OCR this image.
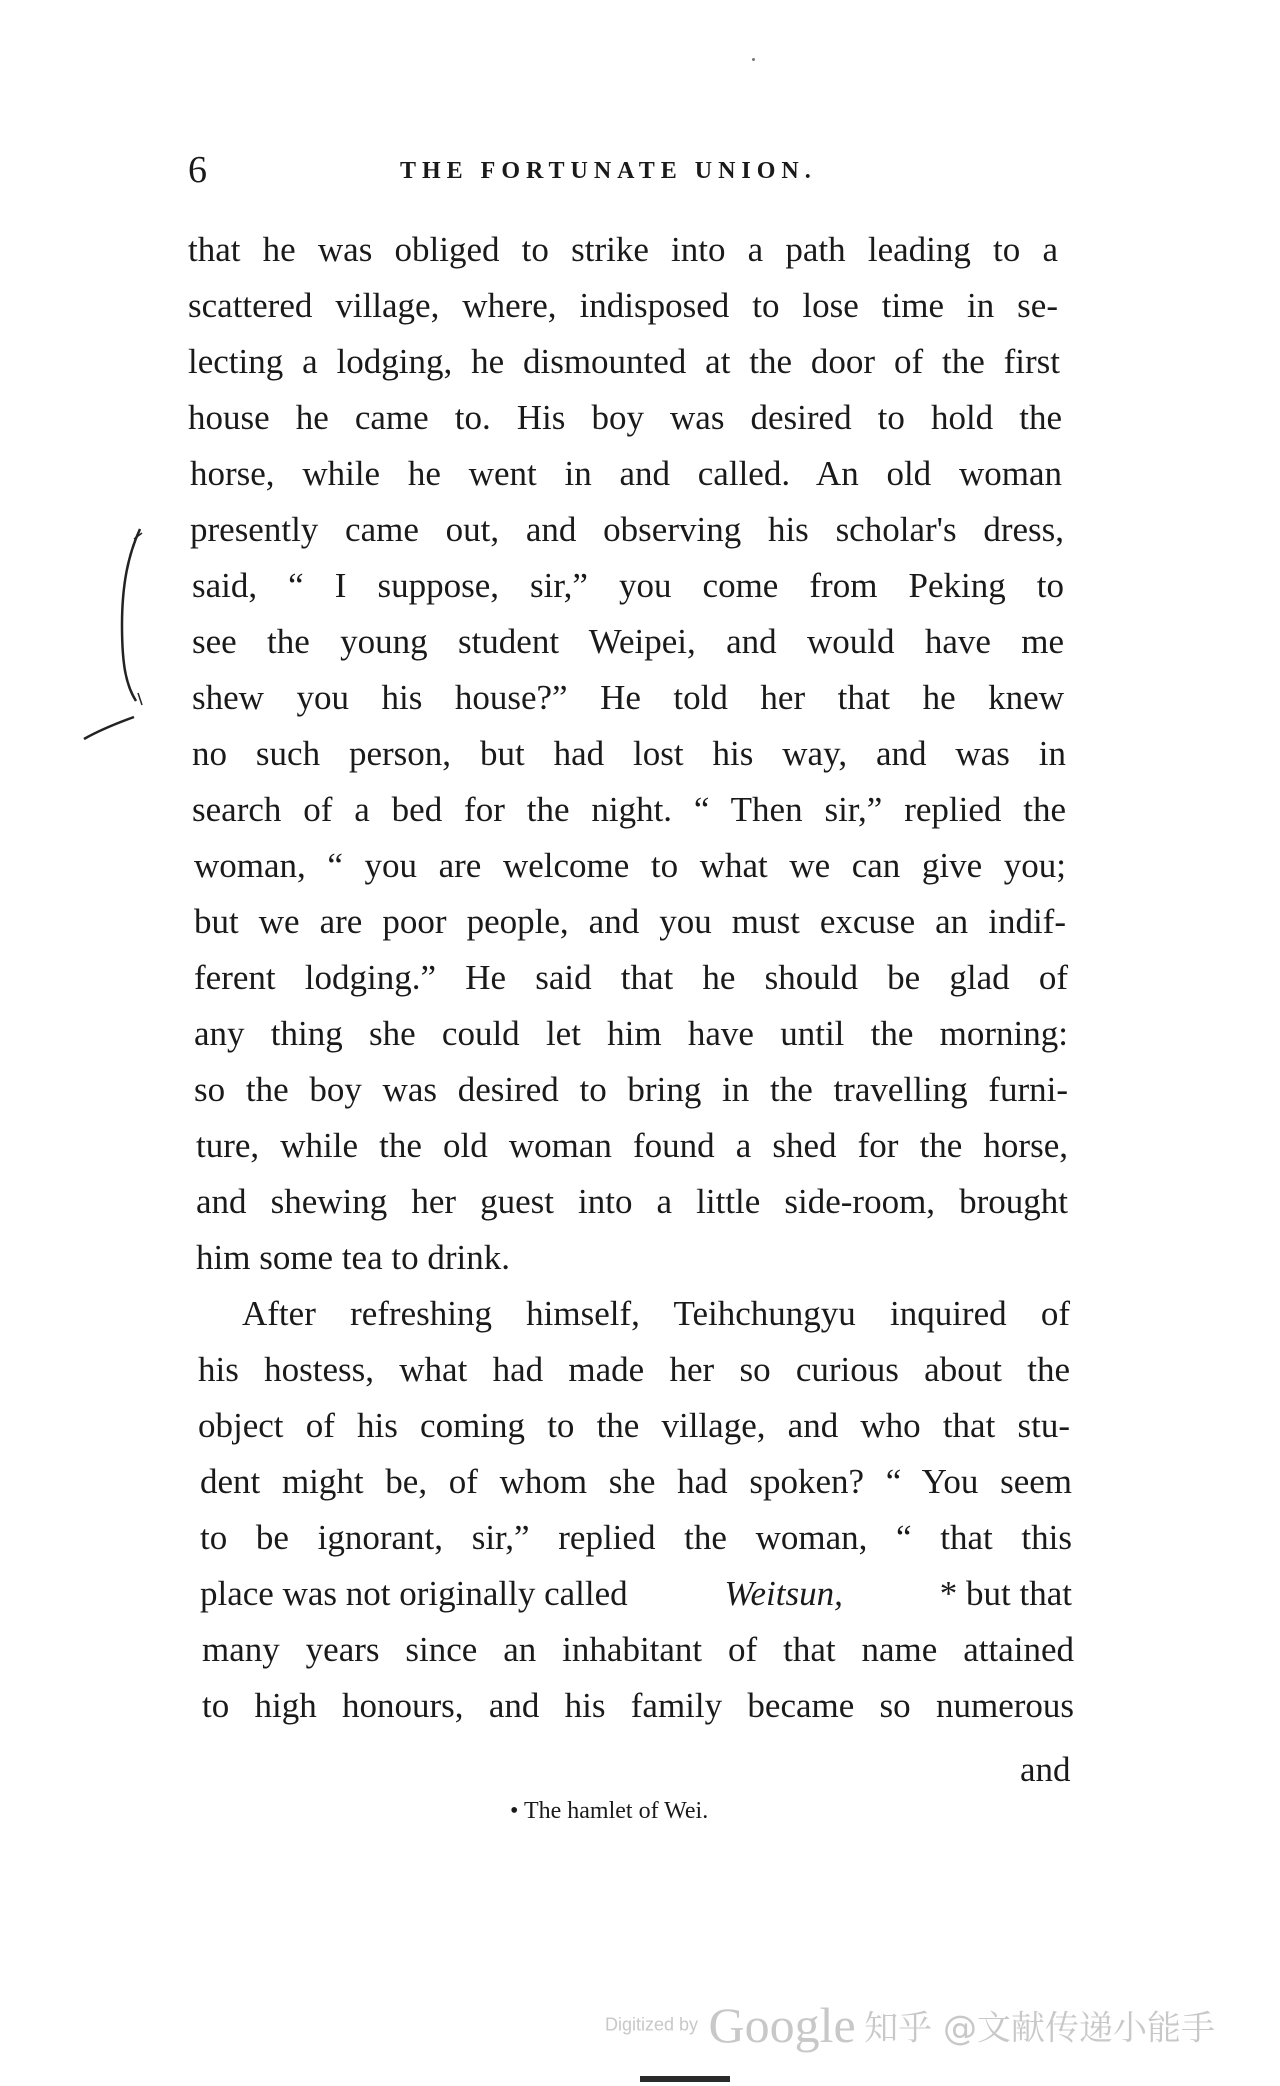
6	THE FORTUNATE UNION.
that he was obliged to strike into a path leading to a
scattered village, where, indisposed to lose time in se-
lecting a lodging, he dismounted at the door of the first
house he came to. His boy was desired to hold the
horse, while he went in and called. An old woman
presently came out, and observing his scholar's dress,
said, “ I suppose, sir,” you come from Peking to
see the young student Weipei, and would have me
shew you his house?” He told her that he knew
no such person, but had lost his way, and was in
search of a bed for the night. “ Then sir,” replied the
woman, “ you are welcome to what we can give you;
but we are poor people, and you must excuse an indif-
ferent lodging.” He said that he should be glad of
any thing she could let him have until the morning:
so the boy was desired to bring in the travelling furni-
ture, while the old woman found a shed for the horse,
and shewing her guest into a little side-room, brought
him some tea to drink.
After refreshing himself, Teihchungyu inquired of
his hostess, what had made her so curious about the
object of his coming to the village, and who that stu-
dent might be, of whom she had spoken? “ You seem
to be ignorant, sir,” replied the woman, “ that this
place was not originally called	Weitsun,	* but that
many years since an inhabitant of that name attained
to high honours, and his family became so numerous
and
• The hamlet of Wei.
Digitized by Google 知乎 @文献传递小能手
